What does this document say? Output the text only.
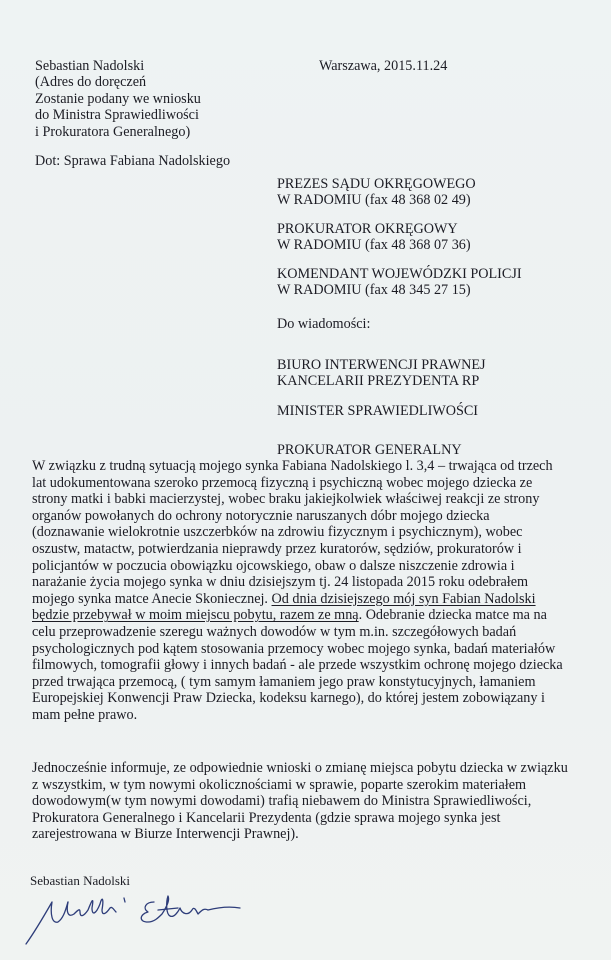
Sebastian Nadolski
(Adres do doręczeń
Zostanie podany we wniosku
do Ministra Sprawiedliwości
i Prokuratora Generalnego)
Warszawa, 2015.11.24
Dot: Sprawa Fabiana Nadolskiego
PREZES SĄDU OKRĘGOWEGO
W RADOMIU (fax 48 368 02 49)
PROKURATOR OKRĘGOWY
W RADOMIU (fax 48 368 07 36)
KOMENDANT WOJEWÓDZKI POLICJI
W RADOMIU (fax 48 345 27 15)
Do wiadomości:
BIURO INTERWENCJI PRAWNEJ
KANCELARII PREZYDENTA RP
MINISTER SPRAWIEDLIWOŚCI
PROKURATOR GENERALNY
W związku z trudną sytuacją mojego synka Fabiana Nadolskiego l. 3,4 – trwająca od trzech
lat udokumentowana szeroko przemocą fizyczną i psychiczną wobec mojego dziecka ze
strony matki i babki macierzystej, wobec braku jakiejkolwiek właściwej reakcji ze strony
organów powołanych do ochrony notorycznie naruszanych dóbr mojego dziecka
(doznawanie wielokrotnie uszczerbków na zdrowiu fizycznym i psychicznym), wobec
oszustw, matactw, potwierdzania nieprawdy przez kuratorów, sędziów, prokuratorów i
policjantów w poczucia obowiązku ojcowskiego, obaw o dalsze niszczenie zdrowia i
narażanie życia mojego synka w dniu dzisiejszym tj. 24 listopada 2015 roku odebrałem
mojego synka matce Anecie Skoniecznej. Od dnia dzisiejszego mój syn Fabian Nadolski
będzie przebywał w moim miejscu pobytu, razem ze mną. Odebranie dziecka matce ma na
celu przeprowadzenie szeregu ważnych dowodów w tym m.in. szczegółowych badań
psychologicznych pod kątem stosowania przemocy wobec mojego synka, badań materiałów
filmowych, tomografii głowy i innych badań - ale przede wszystkim ochronę mojego dziecka
przed trwająca przemocą, ( tym samym łamaniem jego praw konstytucyjnych, łamaniem
Europejskiej Konwencji Praw Dziecka, kodeksu karnego), do której jestem zobowiązany i
mam pełne prawo.
Jednocześnie informuje, ze odpowiednie wnioski o zmianę miejsca pobytu dziecka w związku
z wszystkim, w tym nowymi okolicznościami w sprawie, poparte szerokim materiałem
dowodowym(w tym nowymi dowodami) trafią niebawem do Ministra Sprawiedliwości,
Prokuratora Generalnego i Kancelarii Prezydenta (gdzie sprawa mojego synka jest
zarejestrowana w Biurze Interwencji Prawnej).
Sebastian Nadolski
